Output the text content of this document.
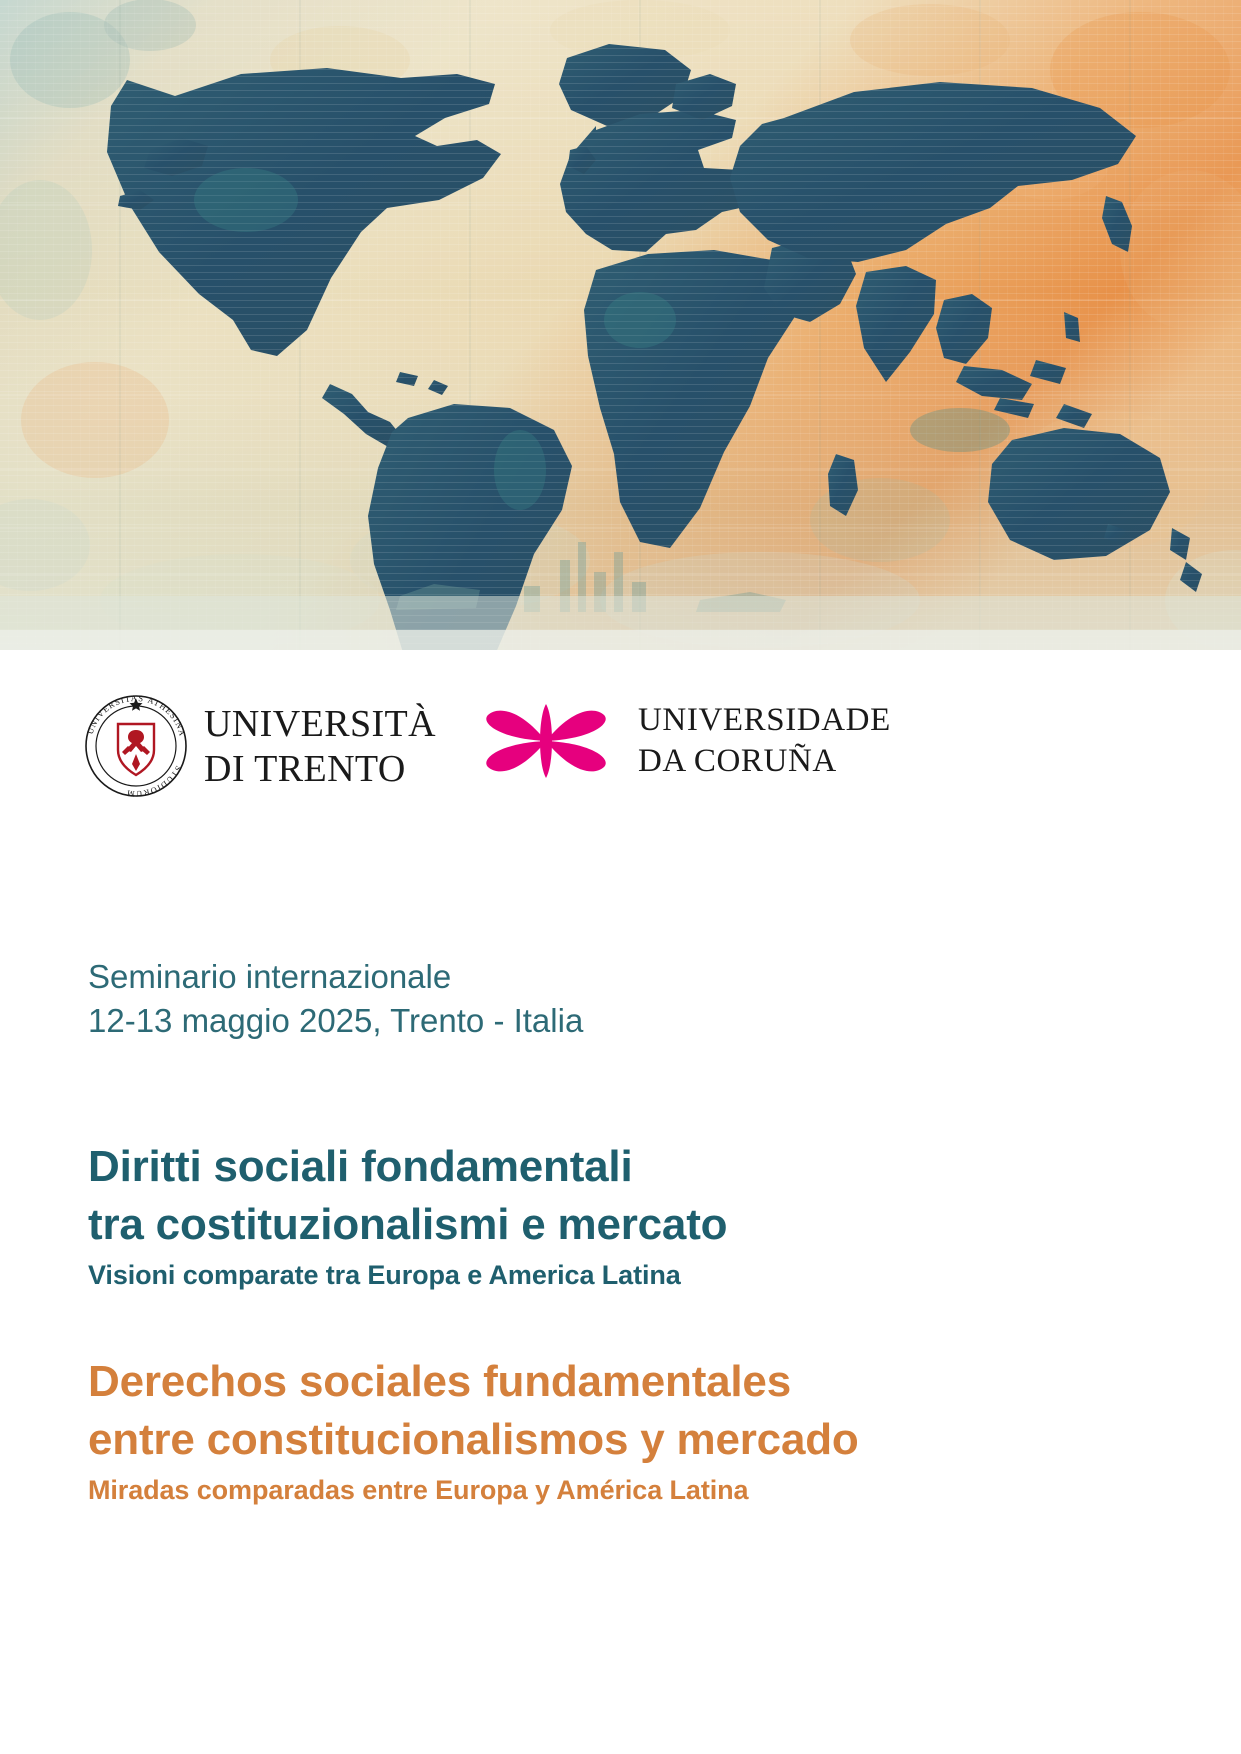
UNIVERSITAS ATHESINA
STUDIORUM
UNIVERSITÀ
DI TRENTO
UNIVERSIDADE
DA CORUÑA
Seminario internazionale
12-13 maggio 2025, Trento - Italia
Diritti sociali fondamentali
tra costituzionalismi e mercato
Visioni comparate tra Europa e America Latina
Derechos sociales fundamentales
entre constitucionalismos y mercado
Miradas comparadas entre Europa y América Latina
